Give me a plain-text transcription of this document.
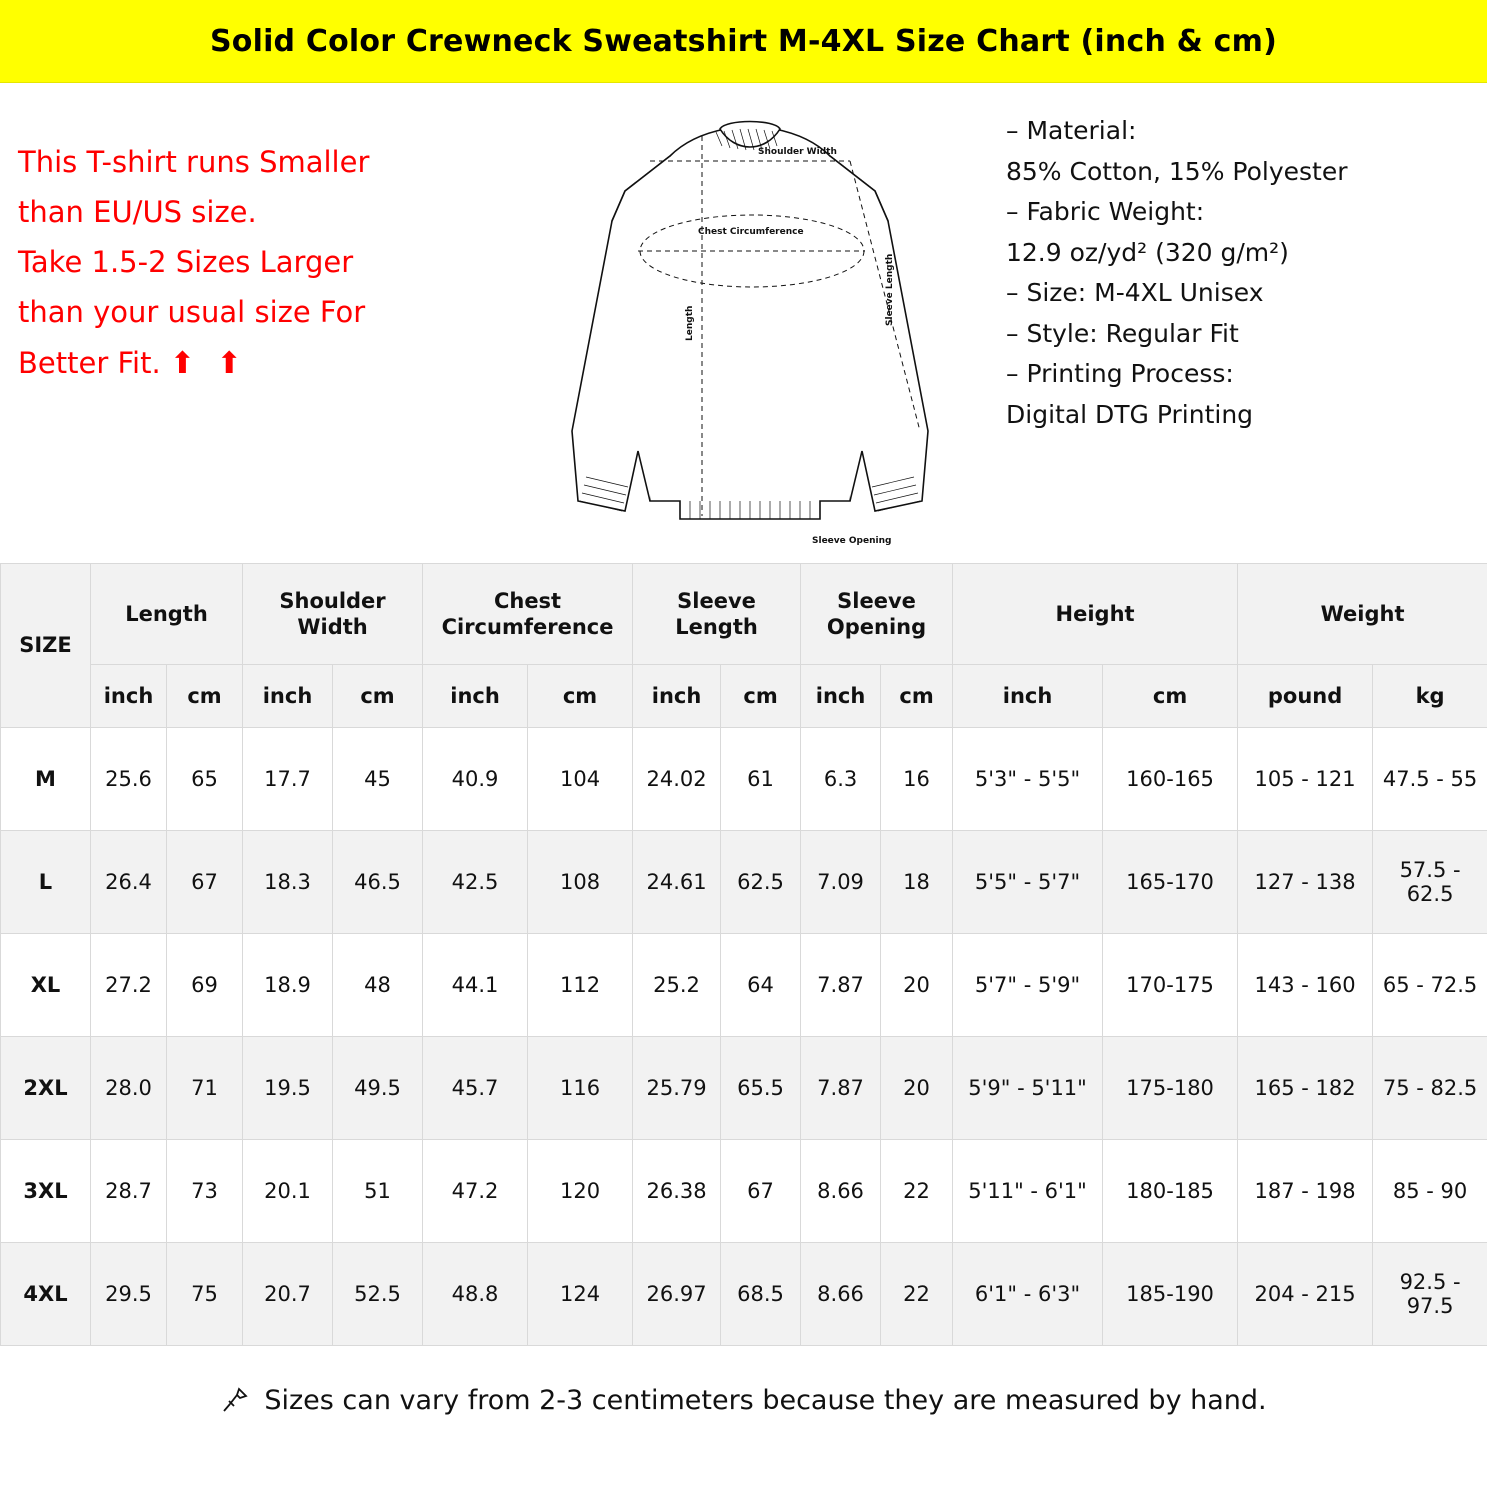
Solid Color Crewneck Sweatshirt M-4XL Size Chart (inch & cm)
This T-shirt runs Smaller
than EU/US size.
Take 1.5-2 Sizes Larger
than your usual size For
Better Fit. ⬆ ⬆
Shoulder Width
Chest Circumference
Length	Sleeve Length
Sleeve Opening
– Material:
85% Cotton, 15% Polyester
– Fabric Weight:
12.9 oz/yd² (320 g/m²)
– Size: M-4XL Unisex
– Style: Regular Fit
– Printing Process:
Digital DTG Printing
SIZE	Length		Shoulder Width		Chest Circumference		Sleeve Length		Sleeve Opening		Height		Weight	
	inch	cm	inch	cm	inch	cm	inch	cm	inch	cm	inch	cm	pound	kg
M	25.6	65	17.7	45	40.9	104	24.02	61	6.3	16	5'3" - 5'5"	160-165	105 - 121	47.5 - 55
L	26.4	67	18.3	46.5	42.5	108	24.61	62.5	7.09	18	5'5" - 5'7"	165-170	127 - 138	57.5 - 62.5
XL	27.2	69	18.9	48	44.1	112	25.2	64	7.87	20	5'7" - 5'9"	170-175	143 - 160	65 - 72.5
2XL	28.0	71	19.5	49.5	45.7	116	25.79	65.5	7.87	20	5'9" - 5'11"	175-180	165 - 182	75 - 82.5
3XL	28.7	73	20.1	51	47.2	120	26.38	67	8.66	22	5'11" - 6'1"	180-185	187 - 198	85 - 90
4XL	29.5	75	20.7	52.5	48.8	124	26.97	68.5	8.66	22	6'1" - 6'3"	185-190	204 - 215	92.5 - 97.5
Sizes can vary from 2-3 centimeters because they are measured by hand.
